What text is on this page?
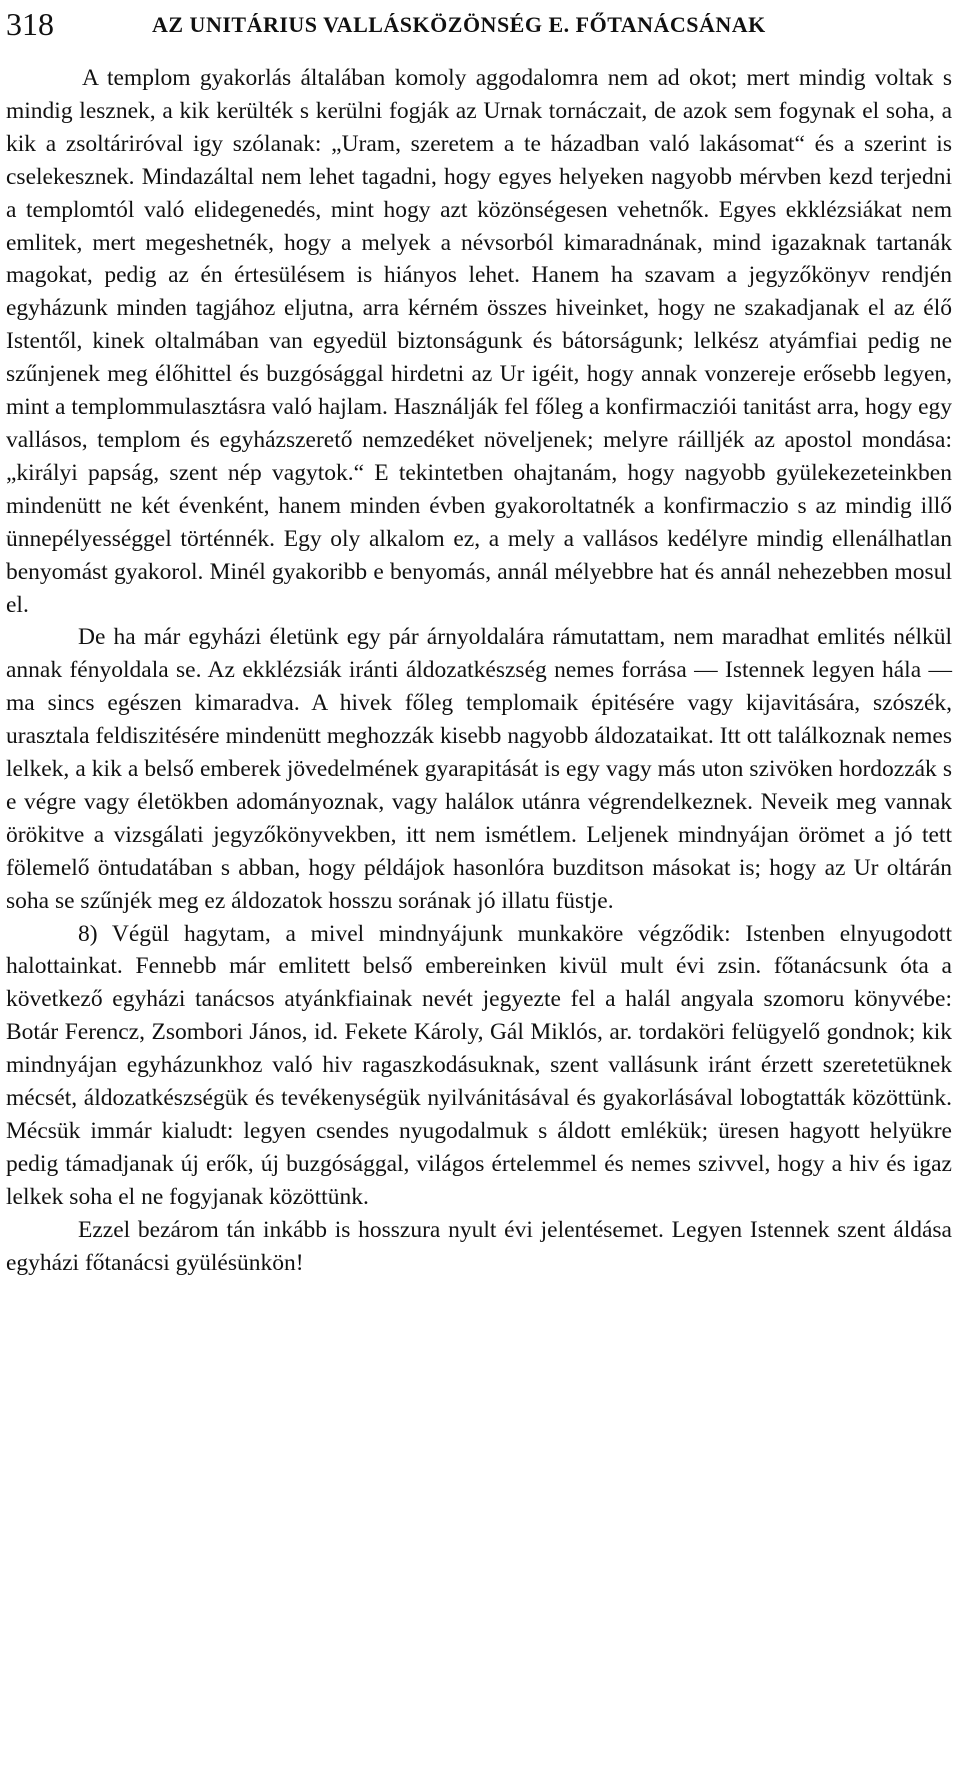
318	AZ UNITÁRIUS VALLÁSKÖZÖNSÉG E. FŐTANÁCSÁNAK

A templom gyakorlás általában komoly aggodalomra nem ad okot; mert mindig voltak s mindig lesznek, a kik kerülték s kerülni fogják az Urnak tornáczait, de azok sem fogynak el soha, a kik a zsoltáriróval igy szólanak: „Uram, szeretem a te házadban való lakásomat“ és a szerint is cselekesznek. Mindazáltal nem lehet tagadni, hogy egyes helyeken nagyobb mérvben kezd terjedni a templomtól való elidegenedés, mint hogy azt közönségesen vehetnők. Egyes ekklézsiákat nem emlitek, mert megeshetnék, hogy a melyek a névsorból kimaradnának, mind igazaknak tartanák magokat, pedig az én értesülésem is hiányos lehet. Hanem ha szavam a jegyzőkönyv rendjén egyházunk minden tagjához eljutna, arra kérném összes hiveinket, hogy ne szakadjanak el az élő Istentől, kinek oltalmában van egyedül biztonságunk és bátorságunk; lelkész atyámfiai pedig ne szűnjenek meg élőhittel és buzgósággal hirdetni az Ur igéit, hogy annak vonzereje erősebb legyen, mint a templommulasztásra való hajlam. Használják fel főleg a konfirmacziói tanitást arra, hogy egy vallásos, templom és egyházszerető nemzedéket növeljenek; melyre ráilljék az apostol mondása: „királyi papság, szent nép vagytok.“ E tekintetben ohajtanám, hogy nagyobb gyülekezeteinkben mindenütt ne két évenként, hanem minden évben gyakoroltatnék a konfirmaczio s az mindig illő ünnepélyességgel történnék. Egy oly alkalom ez, a mely a vallásos kedélyre mindig ellenálhatlan benyomást gyakorol. Minél gyakoribb e benyomás, annál mélyebbre hat és annál nehezebben mosul el.

De ha már egyházi életünk egy pár árnyoldalára rámutattam, nem maradhat emlités nélkül annak fényoldala se. Az ekklézsiák iránti áldozatkészség nemes forrása — Istennek legyen hála — ma sincs egészen kimaradva. A hivek főleg templomaik épitésére vagy kijavitására, szószék, urasztala feldiszitésére mindenütt meghozzák kisebb nagyobb áldozataikat. Itt ott találkoznak nemes lelkek, a kik a belső emberek jövedelmének gyarapitását is egy vagy más uton szivöken hordozzák s e végre vagy életökben adományoznak, vagy haláloк utánra végrendelkeznek. Neveik meg vannak örökitve a vizsgálati jegyzőkönyvekben, itt nem ismétlem. Leljenek mindnyájan örömet a jó tett fölemelő öntudatában s abban, hogy példájok hasonlóra buzditson másokat is; hogy az Ur oltárán soha se szűnjék meg ez áldozatok hosszu sorának jó illatu füstje.

8) Végül hagytam, a mivel mindnyájunk munkaköre végződik: Istenben elnyugodott halottainkat. Fennebb már emlitett belső embereinken kivül mult évi zsin. főtanácsunk óta a következő egyházi tanácsos atyánkfiainak nevét jegyezte fel a halál angyala szomoru könyvébe: Botár Ferencz, Zsombori János, id. Fekete Károly, Gál Miklós, ar. tordaköri felügyelő gondnok; kik mindnyájan egyházunkhoz való hiv ragaszkodásuknak, szent vallásunk iránt érzett szeretetüknek mécsét, áldozatkészségük és tevékenységük nyilvánitásával és gyakorlásával lobogtatták közöttünk. Mécsük immár kialudt: legyen csendes nyugodalmuk s áldott emlékük; üresen hagyott helyükre pedig támadjanak új erők, új buzgósággal, világos értelemmel és nemes szivvel, hogy a hiv és igaz lelkek soha el ne fogyjanak közöttünk.

Ezzel bezárom tán inkább is hosszura nyult évi jelentésemet. Legyen Istennek szent áldása egyházi főtanácsi gyülésünkön!
